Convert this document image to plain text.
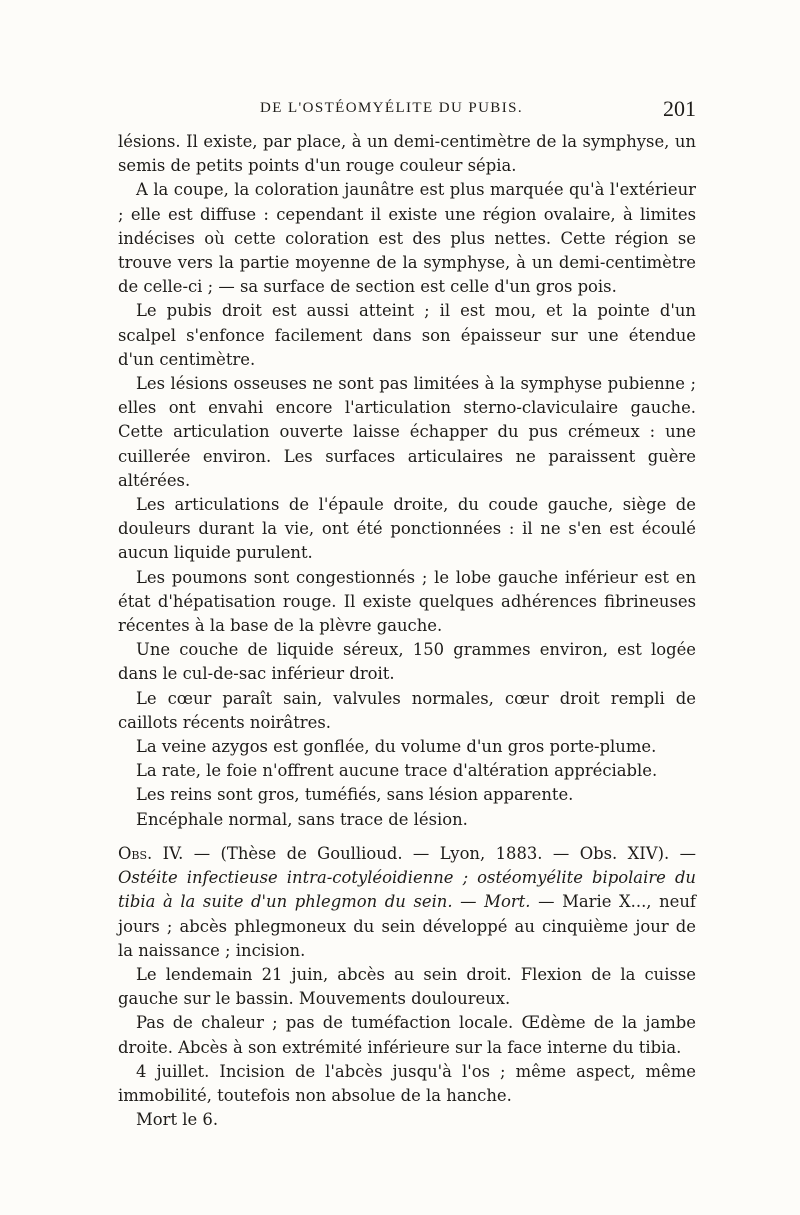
DE L'OSTÉOMYÉLITE DU PUBIS.	201

lésions. Il existe, par place, à un demi-centimètre de la symphyse, un semis de petits points d'un rouge couleur sépia.

A la coupe, la coloration jaunâtre est plus marquée qu'à l'extérieur ; elle est diffuse : cependant il existe une région ovalaire, à limites indécises où cette coloration est des plus nettes. Cette région se trouve vers la partie moyenne de la symphyse, à un demi-centimètre de celle-ci ; — sa surface de section est celle d'un gros pois.

Le pubis droit est aussi atteint ; il est mou, et la pointe d'un scalpel s'enfonce facilement dans son épaisseur sur une étendue d'un centimètre.

Les lésions osseuses ne sont pas limitées à la symphyse pubienne ; elles ont envahi encore l'articulation sterno-claviculaire gauche. Cette articulation ouverte laisse échapper du pus crémeux : une cuillerée environ. Les surfaces articulaires ne paraissent guère altérées.

Les articulations de l'épaule droite, du coude gauche, siège de douleurs durant la vie, ont été ponctionnées : il ne s'en est écoulé aucun liquide purulent.

Les poumons sont congestionnés ; le lobe gauche inférieur est en état d'hépatisation rouge. Il existe quelques adhérences fibrineuses récentes à la base de la plèvre gauche.

Une couche de liquide séreux, 150 grammes environ, est logée dans le cul-de-sac inférieur droit.

Le cœur paraît sain, valvules normales, cœur droit rempli de caillots récents noirâtres.

La veine azygos est gonflée, du volume d'un gros porte-plume.

La rate, le foie n'offrent aucune trace d'altération appréciable.

Les reins sont gros, tuméfiés, sans lésion apparente.

Encéphale normal, sans trace de lésion.

Obs. IV. — (Thèse de Goullioud. — Lyon, 1883. — Obs. XIV). — Ostéite infectieuse intra-cotyléoidienne ; ostéomyélite bipolaire du tibia à la suite d'un phlegmon du sein. — Mort. — Marie X..., neuf jours ; abcès phlegmoneux du sein développé au cinquième jour de la naissance ; incision.

Le lendemain 21 juin, abcès au sein droit. Flexion de la cuisse gauche sur le bassin. Mouvements douloureux.

Pas de chaleur ; pas de tuméfaction locale. Œdème de la jambe droite. Abcès à son extrémité inférieure sur la face interne du tibia.

4 juillet. Incision de l'abcès jusqu'à l'os ; même aspect, même immobilité, toutefois non absolue de la hanche.

Mort le 6.
